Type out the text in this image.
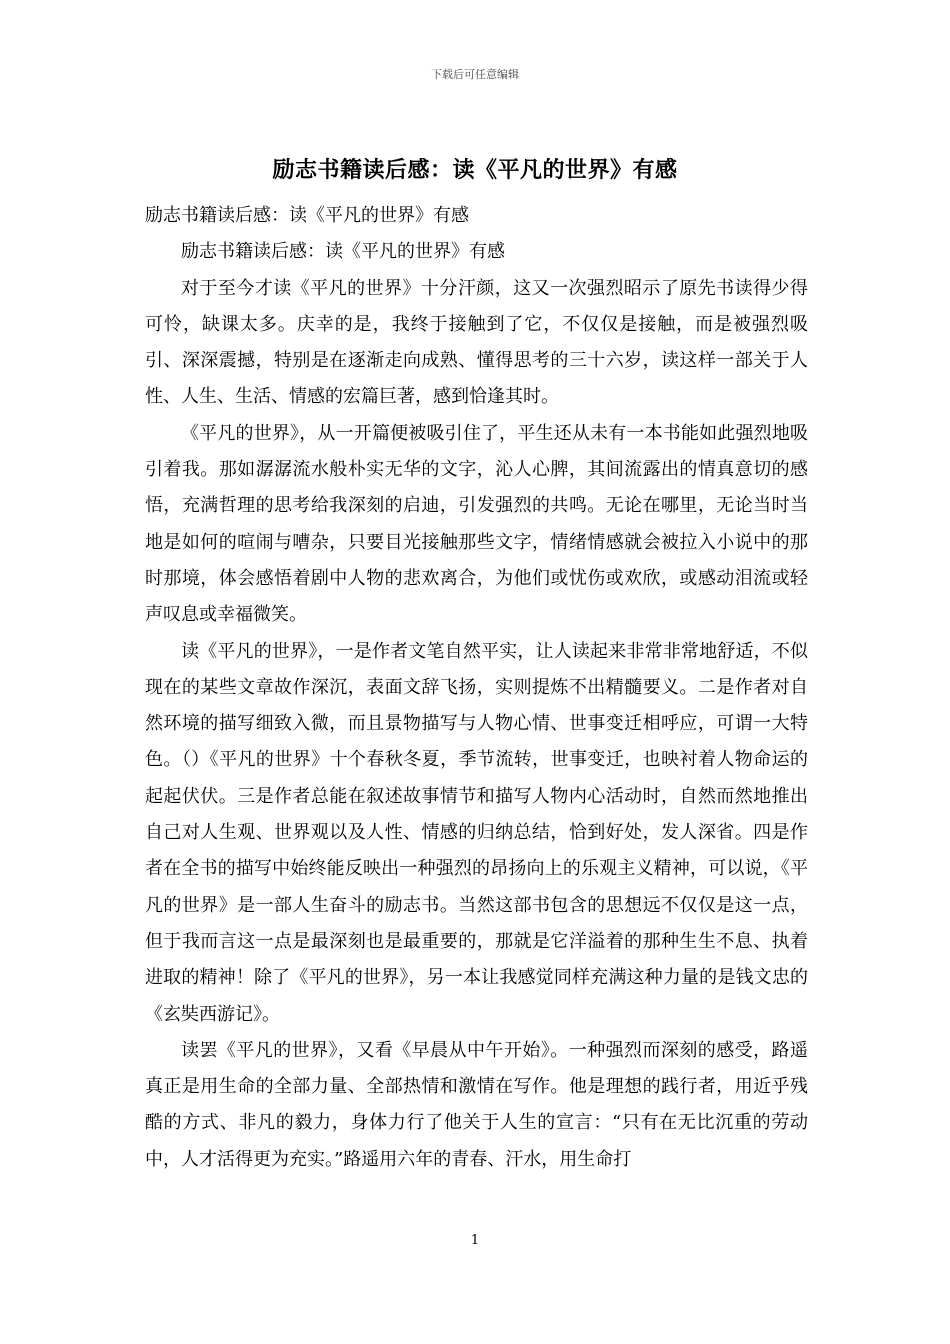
下载后可任意编辑
励志书籍读后感：读《平凡的世界》有感

励志书籍读后感：读《平凡的世界》有感

励志书籍读后感：读《平凡的世界》有感

对于至今才读《平凡的世界》十分汗颜，这又一次强烈昭示了原先书读得少得可怜，缺课太多。庆幸的是，我终于接触到了它，不仅仅是接触，而是被强烈吸引、深深震撼，特别是在逐渐走向成熟、懂得思考的三十六岁，读这样一部关于人性、人生、生活、情感的宏篇巨著，感到恰逢其时。

《平凡的世界》，从一开篇便被吸引住了，平生还从未有一本书能如此强烈地吸引着我。那如潺潺流水般朴实无华的文字，沁人心脾，其间流露出的情真意切的感悟，充满哲理的思考给我深刻的启迪，引发强烈的共鸣。无论在哪里，无论当时当地是如何的喧闹与嘈杂，只要目光接触那些文字，情绪情感就会被拉入小说中的那时那境，体会感悟着剧中人物的悲欢离合，为他们或忧伤或欢欣，或感动泪流或轻声叹息或幸福微笑。

读《平凡的世界》，一是作者文笔自然平实，让人读起来非常非常地舒适，不似现在的某些文章故作深沉，表面文辞飞扬，实则提炼不出精髓要义。二是作者对自然环境的描写细致入微，而且景物描写与人物心情、世事变迁相呼应，可谓一大特色。（）《平凡的世界》十个春秋冬夏，季节流转，世事变迁，也映衬着人物命运的起起伏伏。三是作者总能在叙述故事情节和描写人物内心活动时，自然而然地推出自己对人生观、世界观以及人性、情感的归纳总结，恰到好处，发人深省。四是作者在全书的描写中始终能反映出一种强烈的昂扬向上的乐观主义精神，可以说，《平凡的世界》是一部人生奋斗的励志书。当然这部书包含的思想远不仅仅是这一点，但于我而言这一点是最深刻也是最重要的，那就是它洋溢着的那种生生不息、执着进取的精神！除了《平凡的世界》，另一本让我感觉同样充满这种力量的是钱文忠的《玄奘西游记》。

读罢《平凡的世界》，又看《早晨从中午开始》。一种强烈而深刻的感受，路遥真正是用生命的全部力量、全部热情和激情在写作。他是理想的践行者，用近乎残酷的方式、非凡的毅力，身体力行了他关于人生的宣言：“只有在无比沉重的劳动中，人才活得更为充实。”路遥用六年的青春、汗水，用生命打

1
